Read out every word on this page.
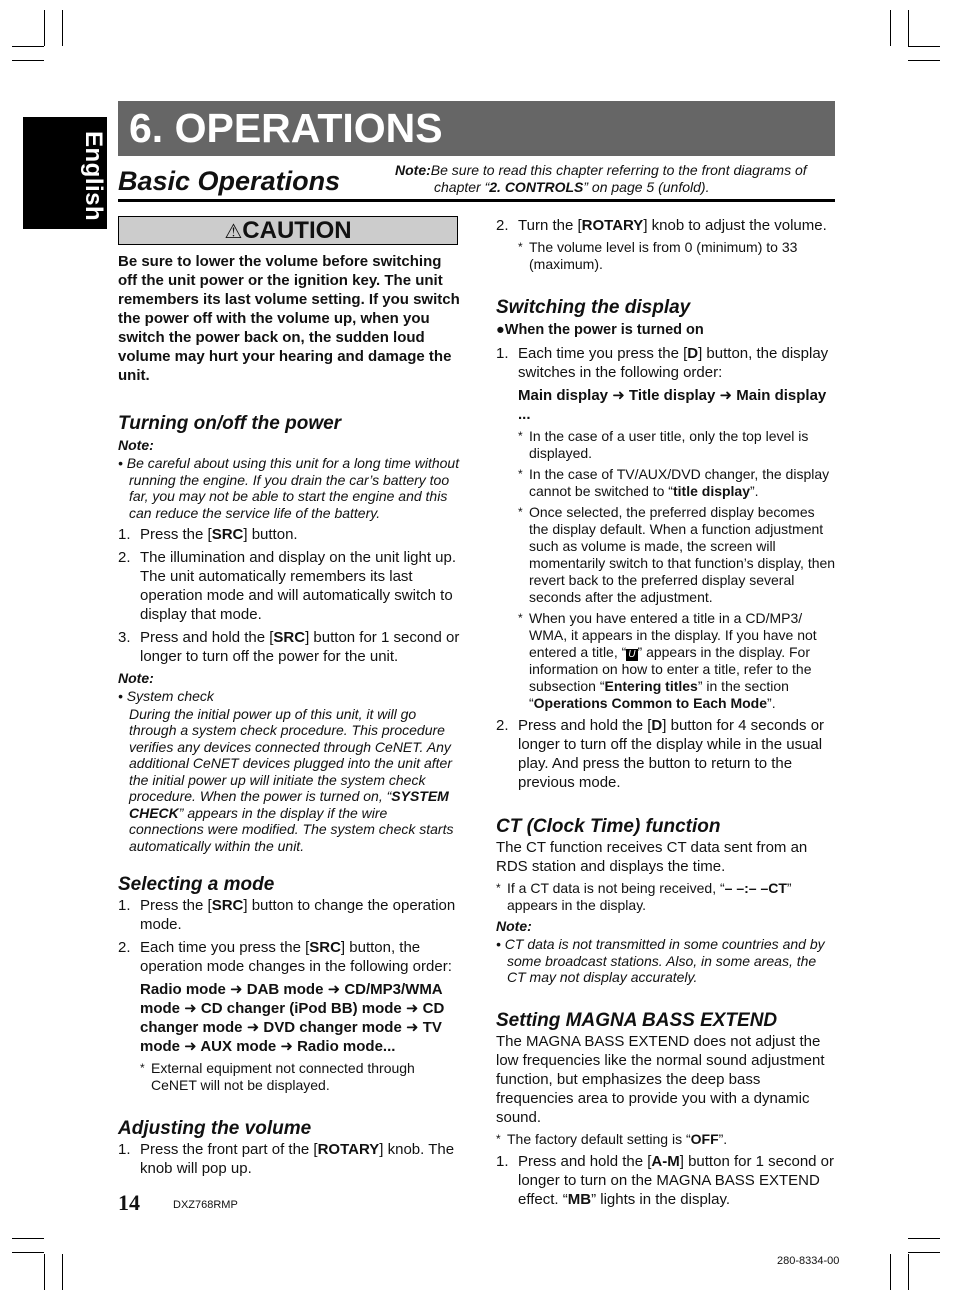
English
6. OPERATIONS
Basic Operations	Note:Be sure to read this chapter referring to the front diagrams of
chapter “2. CONTROLS” on page 5 (unfold).
⚠CAUTION

Be sure to lower the volume before switching off the unit power or the ignition key. The unit remembers its last volume setting. If you switch the power off with the volume up, when you switch the power back on, the sudden loud volume may hurt your hearing and damage the unit.

Turning on/off the power
Note:

• Be careful about using this unit for a long time without running the engine. If you drain the car’s battery too far, you may not be able to start the engine and this can reduce the service life of the battery.

1. Press the [SRC] button.
2. The illumination and display on the unit light up. The unit automatically remembers its last operation mode and will automatically switch to display that mode.
3. Press and hold the [SRC] button for 1 second or longer to turn off the power for the unit.
Note:

• System check

During the initial power up of this unit, it will go through a system check procedure. This procedure verifies any devices connected through CeNET. Any additional CeNET devices plugged into the unit after the initial power up will initiate the system check procedure. When the power is turned on, “SYSTEM CHECK” appears in the display if the wire connections were modified. The system check starts automatically within the unit.

Selecting a mode
1. Press the [SRC] button to change the operation mode.
2. Each time you press the [SRC] button, the operation mode changes in the following order:
Radio mode ➜ DAB mode ➜ CD/MP3/WMA mode ➜ CD changer (iPod BB) mode ➜ CD changer mode ➜ DVD changer mode ➜ TV mode ➜ AUX mode ➜ Radio mode...
* External equipment not connected through CeNET will not be displayed.
Adjusting the volume
1. Press the front part of the [ROTARY] knob. The knob will pop up.
2. Turn the [ROTARY] knob to adjust the volume.
* The volume level is from 0 (minimum) to 33 (maximum).
Switching the display
●When the power is turned on
1. Each time you press the [D] button, the display switches in the following order:
Main display ➜ Title display ➜ Main display ...
* In the case of a user title, only the top level is displayed.
* In the case of TV/AUX/DVD changer, the display cannot be switched to “title display”.
* Once selected, the preferred display becomes the display default. When a function adjustment such as volume is made, the screen will momentarily switch to that function’s display, then revert back to the preferred display several seconds after the adjustment.
* When you have entered a title in a CD/MP3/ WMA, it appears in the display. If you have not entered a title, “ U ” appears in the display. For information on how to enter a title, refer to the subsection “Entering titles” in the section “Operations Common to Each Mode”.
2. Press and hold the [D] button for 4 seconds or longer to turn off the display while in the usual play. And press the button to return to the previous mode.
CT (Clock Time) function

The CT function receives CT data sent from an RDS station and displays the time.

* If a CT data is not being received, “– –:– –CT” appears in the display.
Note:

• CT data is not transmitted in some countries and by some broadcast stations. Also, in some areas, the CT may not display accurately.

Setting MAGNA BASS EXTEND

The MAGNA BASS EXTEND does not adjust the low frequencies like the normal sound adjustment function, but emphasizes the deep bass frequencies area to provide you with a dynamic sound.

* The factory default setting is “OFF”.
1. Press and hold the [A-M] button for 1 second or longer to turn on the MAGNA BASS EXTEND effect. “MB” lights in the display.
14	DXZ768RMP
280-8334-00
